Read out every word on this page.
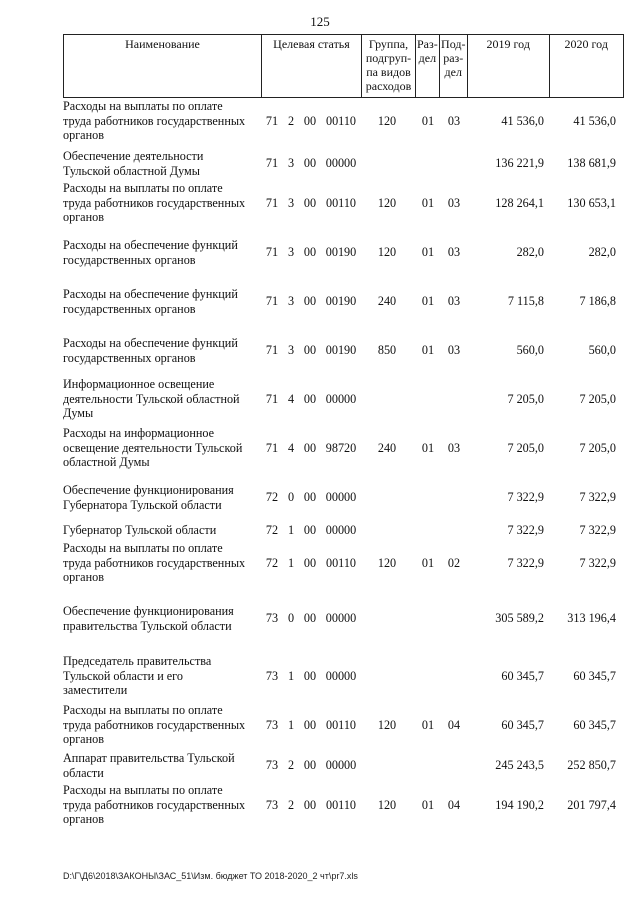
125
Наименование	Целевая статья	Группа,
подгруп-
па видов
расходов	Раз-
дел	Под-
раз-
дел	2019 год	2020 год
Расходы на выплаты по оплате
труда работников государственных
органов
71 2 00 00110	120	01	03	41 536,0	41 536,0
Обеспечение деятельности
Тульской областной Думы
71 3 00 00000	136 221,9	138 681,9
Расходы на выплаты по оплате
труда работников государственных
органов
71 3 00 00110	120	01	03	128 264,1	130 653,1
Расходы на обеспечение функций
государственных органов
71 3 00 00190	120	01	03	282,0	282,0
Расходы на обеспечение функций
государственных органов
71 3 00 00190	240	01	03	7 115,8	7 186,8
Расходы на обеспечение функций
государственных органов
71 3 00 00190	850	01	03	560,0	560,0
Информационное освещение
деятельности Тульской областной
Думы
71 4 00 00000	7 205,0	7 205,0
Расходы на информационное
освещение деятельности Тульской
областной Думы
71 4 00 98720	240	01	03	7 205,0	7 205,0
Обеспечение функционирования
Губернатора Тульской области
72 0 00 00000	7 322,9	7 322,9
Губернатор Тульской области	72 1 00 00000	7 322,9	7 322,9
Расходы на выплаты по оплате
труда работников государственных
органов
72 1 00 00110	120	01	02	7 322,9	7 322,9
Обеспечение функционирования
правительства Тульской области
73 0 00 00000	305 589,2	313 196,4
Председатель правительства
Тульской области и его
заместители
73 1 00 00000	60 345,7	60 345,7
Расходы на выплаты по оплате
труда работников государственных
органов
73 1 00 00110	120	01	04	60 345,7	60 345,7
Аппарат правительства Тульской
области
73 2 00 00000	245 243,5	252 850,7
Расходы на выплаты по оплате
труда работников государственных
органов
73 2 00 00110	120	01	04	194 190,2	201 797,4
D:\Г\Д6\2018\ЗАКОНЫ\ЗАС_51\Изм. бюджет ТО 2018-2020_2 чт\pr7.xls
